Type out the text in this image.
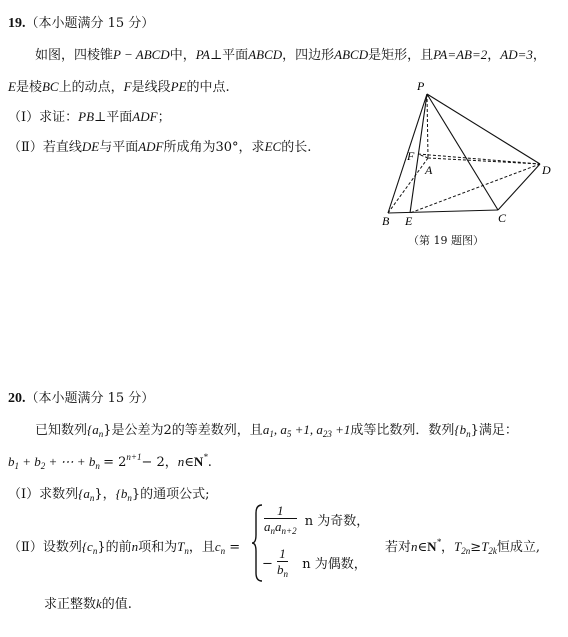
19.（本小题满分 15 分）
如图，四棱锥P − ABCD中，PA⊥平面ABCD，四边形ABCD是矩形，且PA=AB=2，AD=3，
E是棱BC上的动点，F是线段PE的中点.
（Ⅰ）求证：PB⊥平面ADF；
（Ⅱ）若直线DE与平面ADF所成角为30°，求EC的长.
P
F
A	D
B E	C
（第 19 题图）
20.（本小题满分 15 分）
已知数列$\{a_n\}$是公差为2的等差数列，且$a_1$, $a_5 +1$, $a_{23} +1$成等比数列．数列$\{b_n\}$满足：
$b_1 + b_2$ + ⋯ + $b_n = 2^{n+1}- 2$，n∈N*.
（Ⅰ）求数列$\{a_n\}$，$\{b_n\}$的通项公式;
（Ⅱ）设数列$\{c_n\}$的前n项和为$T_n$，且$c_n$ =
$\frac{1}{a_na_{n+2}}$ n 为奇数，
− $\frac{1}{b_n}$ n 为偶数，
若对n∈N*，$T_{2n}\ge T_{2k}$恒成立,
求正整数k的值.
